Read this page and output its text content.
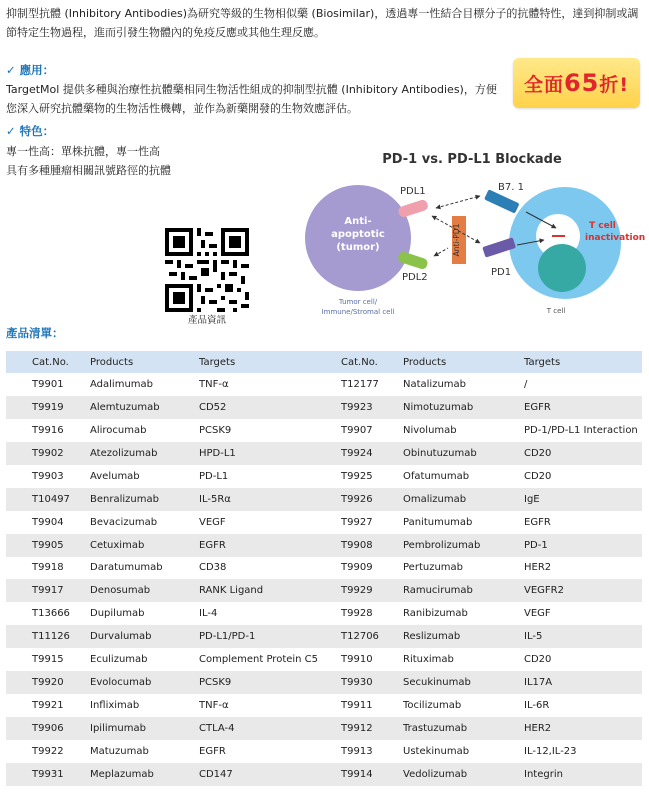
抑制型抗體 (Inhibitory Antibodies)為研究等級的生物相似藥 (Biosimilar)，透過專一性結合目標分子的抗體特性，達到抑制或調節特定生物過程，進而引發生物體內的免疫反應或其他生理反應。
✓ 應用：
TargetMol 提供多種與治療性抗體藥相同生物活性組成的抑制型抗體 (Inhibitory Antibodies)，方便您深入研究抗體藥物的生物活性機轉，並作為新藥開發的生物效應評估。
全面 65 折!
✓ 特色：
專一性高：單株抗體，專一性高
具有多種腫瘤相關訊號路徑的抗體
產品資訊
PD-1 vs. PD-L1 Blockade
Anti-
apoptotic
(tumor)	Anti-PD1
PDL1
PDL2
B7. 1
PD1
T cell
inactivation
Tumor cell/
Immune/Stromal cell	T cell
產品清單：
Cat.No.	Products	Targets	Cat.No.	Products	Targets
T9901	Adalimumab	TNF-α	T12177	Natalizumab	/
T9919	Alemtuzumab	CD52	T9923	Nimotuzumab	EGFR
T9916	Alirocumab	PCSK9	T9907	Nivolumab	PD-1/PD-L1 Interaction
T9902	Atezolizumab	HPD-L1	T9924	Obinutuzumab	CD20
T9903	Avelumab	PD-L1	T9925	Ofatumumab	CD20
T10497	Benralizumab	IL-5Rα	T9926	Omalizumab	IgE
T9904	Bevacizumab	VEGF	T9927	Panitumumab	EGFR
T9905	Cetuximab	EGFR	T9908	Pembrolizumab	PD-1
T9918	Daratumumab	CD38	T9909	Pertuzumab	HER2
T9917	Denosumab	RANK Ligand	T9929	Ramucirumab	VEGFR2
T13666	Dupilumab	IL-4	T9928	Ranibizumab	VEGF
T11126	Durvalumab	PD-L1/PD-1	T12706	Reslizumab	IL-5
T9915	Eculizumab	Complement Protein C5	T9910	Rituximab	CD20
T9920	Evolocumab	PCSK9	T9930	Secukinumab	IL17A
T9921	Infliximab	TNF-α	T9911	Tocilizumab	IL-6R
T9906	Ipilimumab	CTLA-4	T9912	Trastuzumab	HER2
T9922	Matuzumab	EGFR	T9913	Ustekinumab	IL-12,IL-23
T9931	Meplazumab	CD147	T9914	Vedolizumab	Integrin
